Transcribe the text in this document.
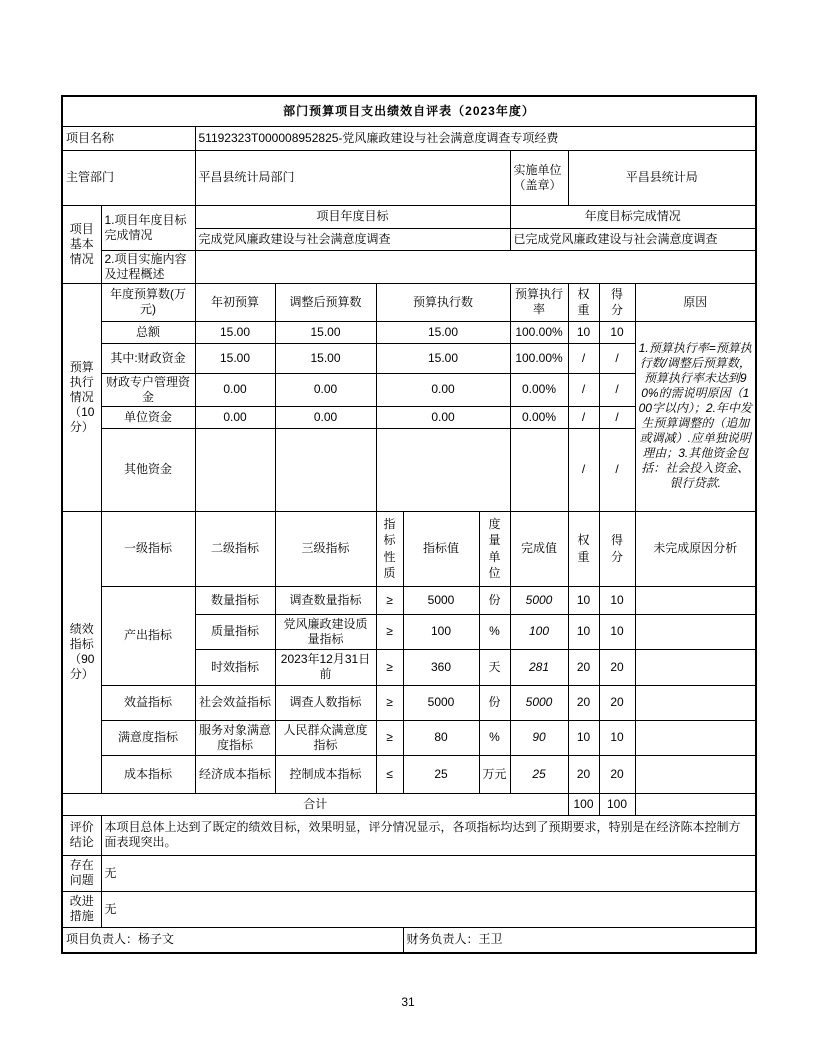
部门预算项目支出绩效自评表（2023年度）										
项目名称		51192323T000008952825-党风廉政建设与社会满意度调查专项经费								
主管部门		平昌县统计局部门					实施单位（盖章）	平昌县统计局		
项目基本情况	1.项目年度目标完成情况	项目年度目标					年度目标完成情况			
		完成党风廉政建设与社会满意度调查					已完成党风廉政建设与社会满意度调查			
	2.项目实施内容及过程概述									
预算执行情况（10分）	年度预算数(万元)	年初预算	调整后预算数	预算执行数			预算执行率	权重	得分	原因
	总额	15.00	15.00	15.00			100.00%	10	10	1.预算执行率=预算执行数/调整后预算数，预算执行率未达到90%的需说明原因（100字以内）；2.年中发生预算调整的（追加或调减）.应单独说明理由；3.其他资金包括：社会投入资金、银行贷款.
	其中:财政资金	15.00	15.00	15.00			100.00%	/	/	
	财政专户管理资金	0.00	0.00	0.00			0.00%	/	/	
	单位资金	0.00	0.00	0.00			0.00%	/	/	
	其他资金							/	/	
绩效指标（90分）	一级指标	二级指标	三级指标	指标性质	指标值	度量单位	完成值	权重	得分	未完成原因分析
	产出指标	数量指标	调查数量指标	≥	5000	份	5000	10	10	
		质量指标	党风廉政建设质量指标	≥	100	%	100	10	10	
		时效指标	2023年12月31日前	≥	360	天	281	20	20	
	效益指标	社会效益指标	调查人数指标	≥	5000	份	5000	20	20	
	满意度指标	服务对象满意度指标	人民群众满意度指标	≥	80	%	90	10	10	
	成本指标	经济成本指标	控制成本指标	≤	25	万元	25	20	20	
合计								100	100	
评价结论	本项目总体上达到了既定的绩效目标，效果明显，评分情况显示，各项指标均达到了预期要求，特别是在经济陈本控制方面表现突出。									
存在问题	无									
改进措施	无									
项目负责人：杨子文					财务负责人：王卫					
31
